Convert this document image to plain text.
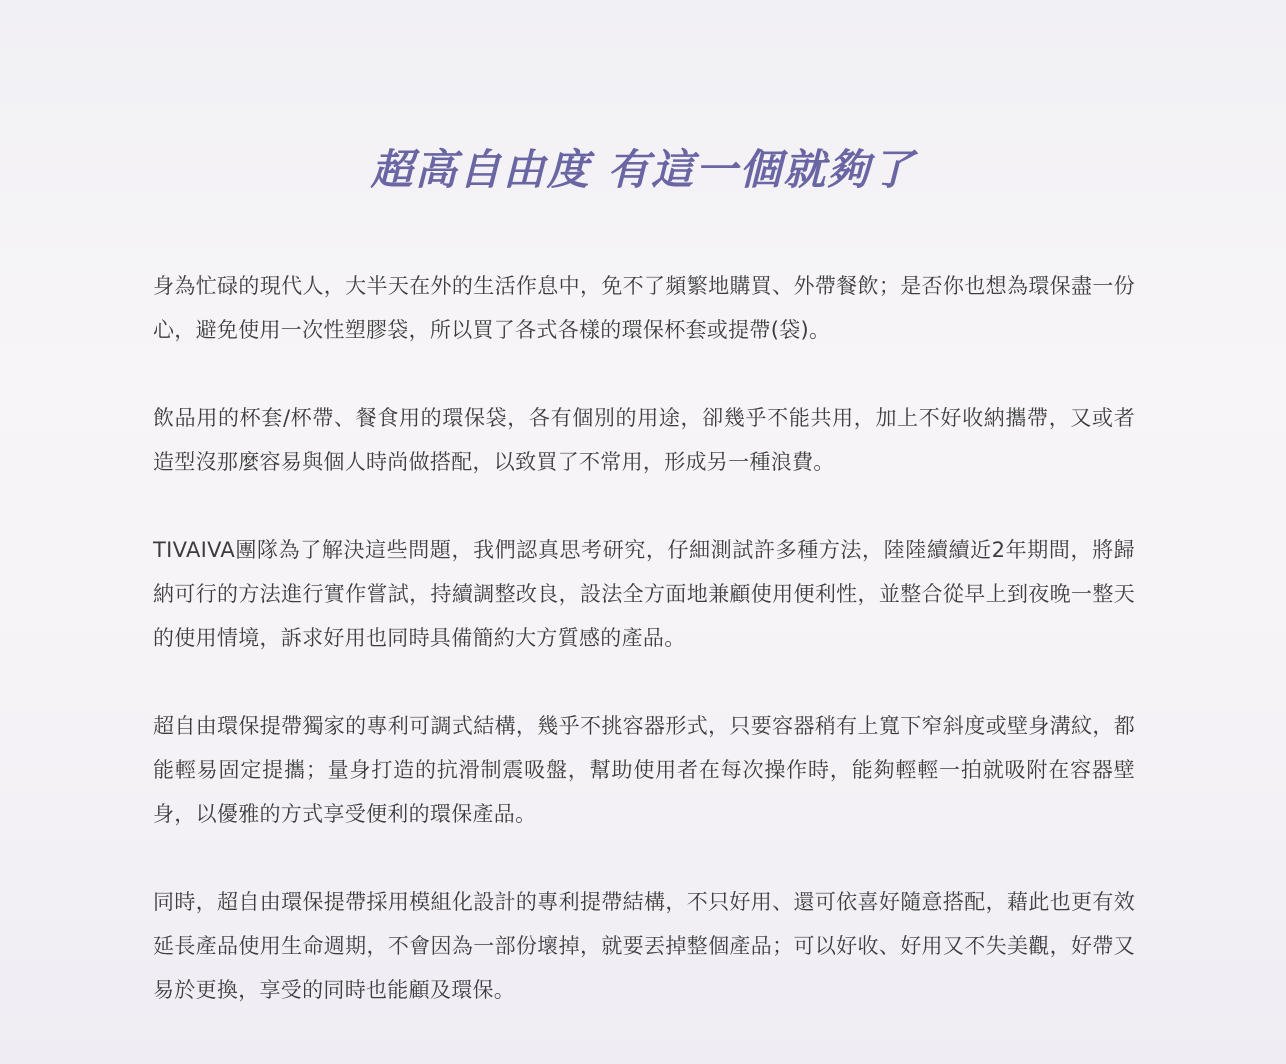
超高自由度 有這一個就夠了

身為忙碌的現代人，大半天在外的生活作息中，免不了頻繁地購買、外帶餐飲；是否你也想為環保盡一份心，避免使用一次性塑膠袋，所以買了各式各樣的環保杯套或提帶(袋)。

飲品用的杯套/杯帶、餐食用的環保袋，各有個別的用途，卻幾乎不能共用，加上不好收納攜帶，又或者造型沒那麼容易與個人時尚做搭配，以致買了不常用，形成另一種浪費。

TIVAIVA團隊為了解決這些問題，我們認真思考研究，仔細測試許多種方法，陸陸續續近2年期間，將歸納可行的方法進行實作嘗試，持續調整改良，設法全方面地兼顧使用便利性，並整合從早上到夜晚一整天的使用情境，訴求好用也同時具備簡約大方質感的產品。

超自由環保提帶獨家的專利可調式結構，幾乎不挑容器形式，只要容器稍有上寬下窄斜度或壁身溝紋，都能輕易固定提攜；量身打造的抗滑制震吸盤，幫助使用者在每次操作時，能夠輕輕一拍就吸附在容器壁身，以優雅的方式享受便利的環保產品。

同時，超自由環保提帶採用模組化設計的專利提帶結構，不只好用、還可依喜好隨意搭配，藉此也更有效延長產品使用生命週期，不會因為一部份壞掉，就要丟掉整個產品；可以好收、好用又不失美觀，好帶又易於更換，享受的同時也能顧及環保。
